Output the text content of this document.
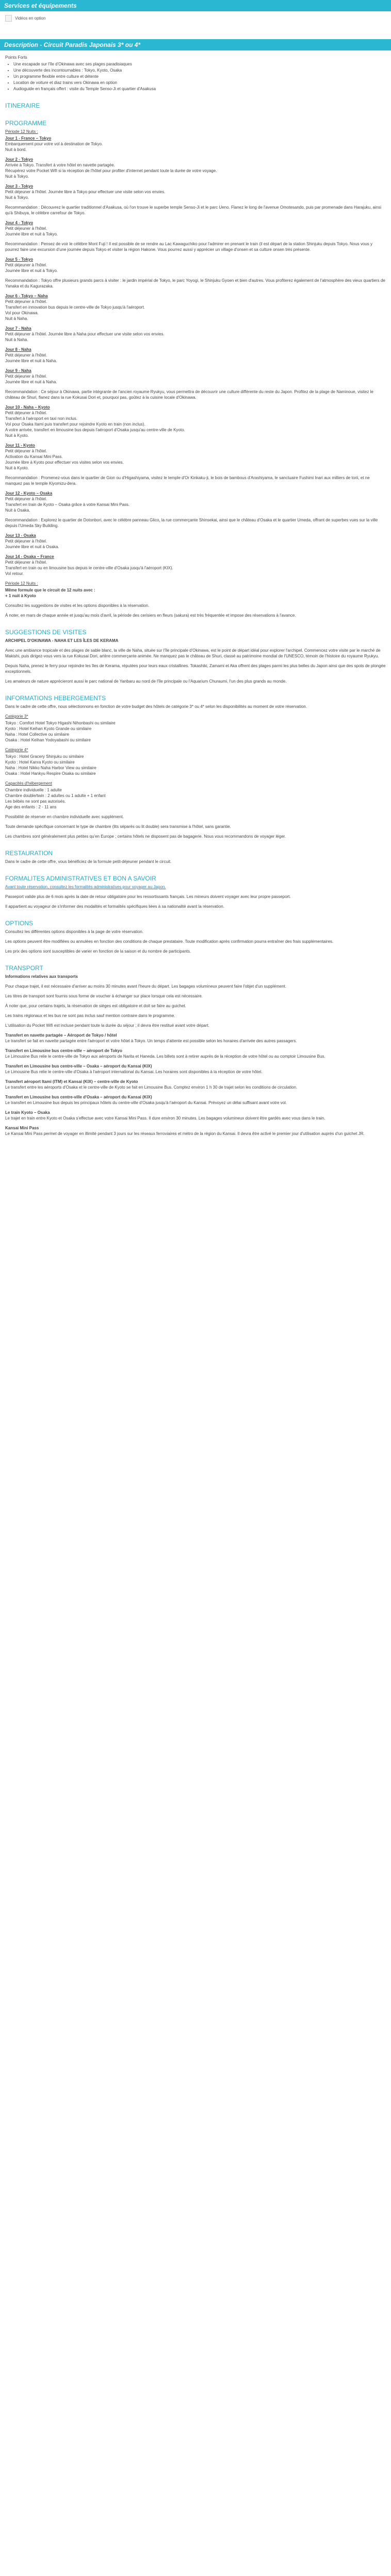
Services et équipements
Vidéos en option
Description - Circuit Paradis Japonais 3* ou 4*

Points Forts

• Une escapade sur l'île d'Okinawa avec ses plages paradisiaques
• Une découverte des incontournables : Tokyo, Kyoto, Osaka
• Un programme flexible entre culture et détente
• Location de voiture et diaz trains vers Okinawa en option
• Audioguide en français offert : visite du Temple Senso-Ji et quartier d'Asakusa
ITINERAIRE
PROGRAMME

Période 12 Nuits :

Jour 1 - France – Tokyo
Embarquement pour votre vol à destination de Tokyo.
Nuit à bord.
Jour 2 - Tokyo
Arrivée à Tokyo. Transfert à votre hôtel en navette partagée.
Récupérez votre Pocket Wifi si la réception de l'hôtel pour profiter d'internet pendant toute la durée de votre voyage.
Nuit à Tokyo.
Jour 3 - Tokyo
Petit déjeuner à l'hôtel. Journée libre à Tokyo pour effectuer une visite selon vos envies.
Nuit à Tokyo.

Recommandation : Découvrez le quartier traditionnel d'Asakusa, où l'on trouve le superbe temple Senso-Ji et le parc Ueno. Flanez le long de l'avenue Omotesando, puis par promenade dans Harajuku, ainsi qu'à Shibuya, le célèbre carrefour de Tokyo.

Jour 4 - Tokyo
Petit déjeuner à l'hôtel.
Journée libre et nuit à Tokyo.

Recommandation : Pensez de voir le célèbre Mont Fuji ! Il est possible de se rendre au Lac Kawaguchiko pour l'admirer en prenant le train (il est départ de la station Shinjuku depuis Tokyo. Nous vous y pourrez faire une excursion d'une journée depuis Tokyo et visiter la région Hakone. Vous pourrez aussi y apprécier un village d'onsen et sa culture onsen très présente.

Jour 5 - Tokyo
Petit déjeuner à l'hôtel.
Journée libre et nuit à Tokyo.

Recommandation : Tokyo offre plusieurs grands parcs à visiter : le jardin impérial de Tokyo, le parc Yoyogi, le Shinjuku Gyoen et bien d'autres. Vous profiterez également de l'atmosphère des vieux quartiers de Yanaka et du Kagurazaka.

Jour 6 - Tokyo – Naha
Petit déjeuner à l'hôtel.
Transfert en innovation bus depuis le centre-ville de Tokyo jusqu'à l'aéroport.
Vol pour Okinawa.
Nuit à Naha.
Jour 7 - Naha
Petit déjeuner à l'hôtel. Journée libre à Naha pour effectuer une visite selon vos envies.
Nuit à Naha.
Jour 8 - Naha
Petit déjeuner à l'hôtel.
Journée libre et nuit à Naha.
Jour 9 - Naha
Petit déjeuner à l'hôtel.
Journée libre et nuit à Naha.

Recommandation : Ce séjour à Okinawa, partie intégrante de l'ancien royaume Ryukyu, vous permettra de découvrir une culture différente du reste du Japon. Profitez de la plage de Naminoue, visitez le château de Shuri, flanez dans la rue Kokusai Dori et, pourquoi pas, goûtez à la cuisine locale d'Okinawa.

Jour 10 - Naha – Kyoto
Petit déjeuner à l'hôtel.
Transfert à l'aéroport en taxi non inclus.
Vol pour Osaka Itami puis transfert pour rejoindre Kyoto en train (non inclus).
A votre arrivée, transfert en limousine bus depuis l'aéroport d'Osaka jusqu'au centre-ville de Kyoto.
Nuit à Kyoto.
Jour 11 - Kyoto
Petit déjeuner à l'hôtel.
Activation du Kansai Mini Pass.
Journée libre à Kyoto pour effectuer vos visites selon vos envies.
Nuit à Kyoto.

Recommandation : Promenez-vous dans le quartier de Gion ou d'Higashiyama, visitez le temple d'Or Kinkaku-ji, le bois de bambous d'Arashiyama, le sanctuaire Fushimi Inari aux milliers de torii, et ne manquez pas le temple Kiyomizu-dera.

Jour 12 - Kyoto – Osaka
Petit déjeuner à l'hôtel.
Transfert en train de Kyoto – Osaka grâce à votre Kansai Mini Pass.
Nuit à Osaka.

Recommandation : Explorez le quartier de Dotonbori, avec le célèbre panneau Glico, la rue commerçante Shinsekai, ainsi que le château d'Osaka et le quartier Umeda, offrant de superbes vues sur la ville depuis l'Umeda Sky Building.

Jour 13 - Osaka
Petit déjeuner à l'hôtel.
Journée libre et nuit à Osaka.
Jour 14 - Osaka – France
Petit déjeuner à l'hôtel.
Transfert en train ou en limousine bus depuis le centre-ville d'Osaka jusqu'à l'aéroport (KIX).
Vol retour.

Période 12 Nuits :

Même formule que le circuit de 12 nuits avec :
+ 1 nuit à Kyoto

Consultez les suggestions de visites et les options disponibles à la réservation.

À noter, en mars de chaque année et jusqu'au mois d'avril, la période des cerisiers en fleurs (sakura) est très fréquentée et impose des réservations à l'avance.

SUGGESTIONS DE VISITES

ARCHIPEL D'OKINAWA - NAHA ET LES ÎLES DE KERAMA

Avec une ambiance tropicale et des plages de sable blanc, la ville de Naha, située sur l'île principale d'Okinawa, est le point de départ idéal pour explorer l'archipel. Commencez votre visite par le marché de Makishi, puis dirigez-vous vers la rue Kokusai Dori, artère commerçante animée. Ne manquez pas le château de Shuri, classé au patrimoine mondial de l'UNESCO, témoin de l'histoire du royaume Ryukyu.

Depuis Naha, prenez le ferry pour rejoindre les îles de Kerama, réputées pour leurs eaux cristallines. Tokashiki, Zamami et Aka offrent des plages parmi les plus belles du Japon ainsi que des spots de plongée exceptionnels.

Les amateurs de nature apprécieront aussi le parc national de Yanbaru au nord de l'île principale ou l'Aquarium Churaumi, l'un des plus grands au monde.

INFORMATIONS HEBERGEMENTS

Dans le cadre de cette offre, nous sélectionnons en fonction de votre budget des hôtels de catégorie 3* ou 4* selon les disponibilités au moment de votre réservation.

Catégorie 3*

Tokyo : Comfort Hotel Tokyo Higashi Nihonbashi ou similaire
Kyoto : Hotel Keihan Kyoto Grande ou similaire
Naha : Hotel Collective ou similaire
Osaka : Hotel Keihan Yodoyabashi ou similaire

Catégorie 4*

Tokyo : Hotel Gracery Shinjuku ou similaire
Kyoto : Hotel Kanra Kyoto ou similaire
Naha : Hotel Nikko Naha Harbor View ou similaire
Osaka : Hotel Hankyu Respire Osaka ou similaire

Capacités d'hébergement

Chambre individuelle : 1 adulte
Chambre double/twin : 2 adultes ou 1 adulte + 1 enfant
Les bébés ne sont pas autorisés.
Age des enfants : 2 - 11 ans

Possibilité de réserver en chambre individuelle avec supplément.

Toute demande spécifique concernant le type de chambre (lits séparés ou lit double) sera transmise à l'hôtel, sans garantie.

Les chambres sont généralement plus petites qu'en Europe ; certains hôtels ne disposent pas de bagagerie. Nous vous recommandons de voyager léger.

RESTAURATION

Dans le cadre de cette offre, vous bénéficiez de la formule petit-déjeuner pendant le circuit.

FORMALITES ADMINISTRATIVES ET BON A SAVOIR

Avant toute réservation, consultez les formalités administratives pour voyager au Japon.

Passeport valide plus de 6 mois après la date de retour obligatoire pour les ressortissants français. Les mineurs doivent voyager avec leur propre passeport.

Il appartient au voyageur de s'informer des modalités et formalités spécifiques liées à sa nationalité avant la réservation.

OPTIONS

Consultez les différentes options disponibles à la page de votre réservation.

Les options peuvent être modifiées ou annulées en fonction des conditions de chaque prestataire. Toute modification après confirmation pourra entraîner des frais supplémentaires.

Les prix des options sont susceptibles de varier en fonction de la saison et du nombre de participants.

TRANSPORT

Informations relatives aux transports

Pour chaque trajet, il est nécessaire d'arriver au moins 30 minutes avant l'heure du départ. Les bagages volumineux peuvent faire l'objet d'un supplément.

Les titres de transport sont fournis sous forme de voucher à échanger sur place lorsque cela est nécessaire.

À noter que, pour certains trajets, la réservation de sièges est obligatoire et doit se faire au guichet.

Les trains régionaux et les bus ne sont pas inclus sauf mention contraire dans le programme.

L'utilisation du Pocket Wifi est incluse pendant toute la durée du séjour ; il devra être restitué avant votre départ.

Transfert en navette partagée – Aéroport de Tokyo / hôtel
Le transfert se fait en navette partagée entre l'aéroport et votre hôtel à Tokyo. Un temps d'attente est possible selon les horaires d'arrivée des autres passagers.
Transfert en Limousine bus centre-ville – aéroport de Tokyo
Le Limousine Bus relie le centre-ville de Tokyo aux aéroports de Narita et Haneda. Les billets sont à retirer auprès de la réception de votre hôtel ou au comptoir Limousine Bus.
Transfert en Limousine bus centre-ville – Osaka – aéroport du Kansai (KIX)
Le Limousine Bus relie le centre-ville d'Osaka à l'aéroport international du Kansai. Les horaires sont disponibles à la réception de votre hôtel.
Transfert aéroport Itami (ITM) et Kansai (KIX) – centre-ville de Kyoto
Le transfert entre les aéroports d'Osaka et le centre-ville de Kyoto se fait en Limousine Bus. Comptez environ 1 h 30 de trajet selon les conditions de circulation.
Transfert en Limousine bus centre-ville d'Osaka – aéroport du Kansai (KIX)
Le transfert en Limousine bus depuis les principaux hôtels du centre-ville d'Osaka jusqu'à l'aéroport du Kansai. Prévoyez un délai suffisant avant votre vol.
Le train Kyoto – Osaka
Le trajet en train entre Kyoto et Osaka s'effectue avec votre Kansai Mini Pass. Il dure environ 30 minutes. Les bagages volumineux doivent être gardés avec vous dans le train.
Kansai Mini Pass
Le Kansai Mini Pass permet de voyager en illimité pendant 3 jours sur les réseaux ferroviaires et métro de la région du Kansai. Il devra être activé le premier jour d'utilisation auprès d'un guichet JR.
